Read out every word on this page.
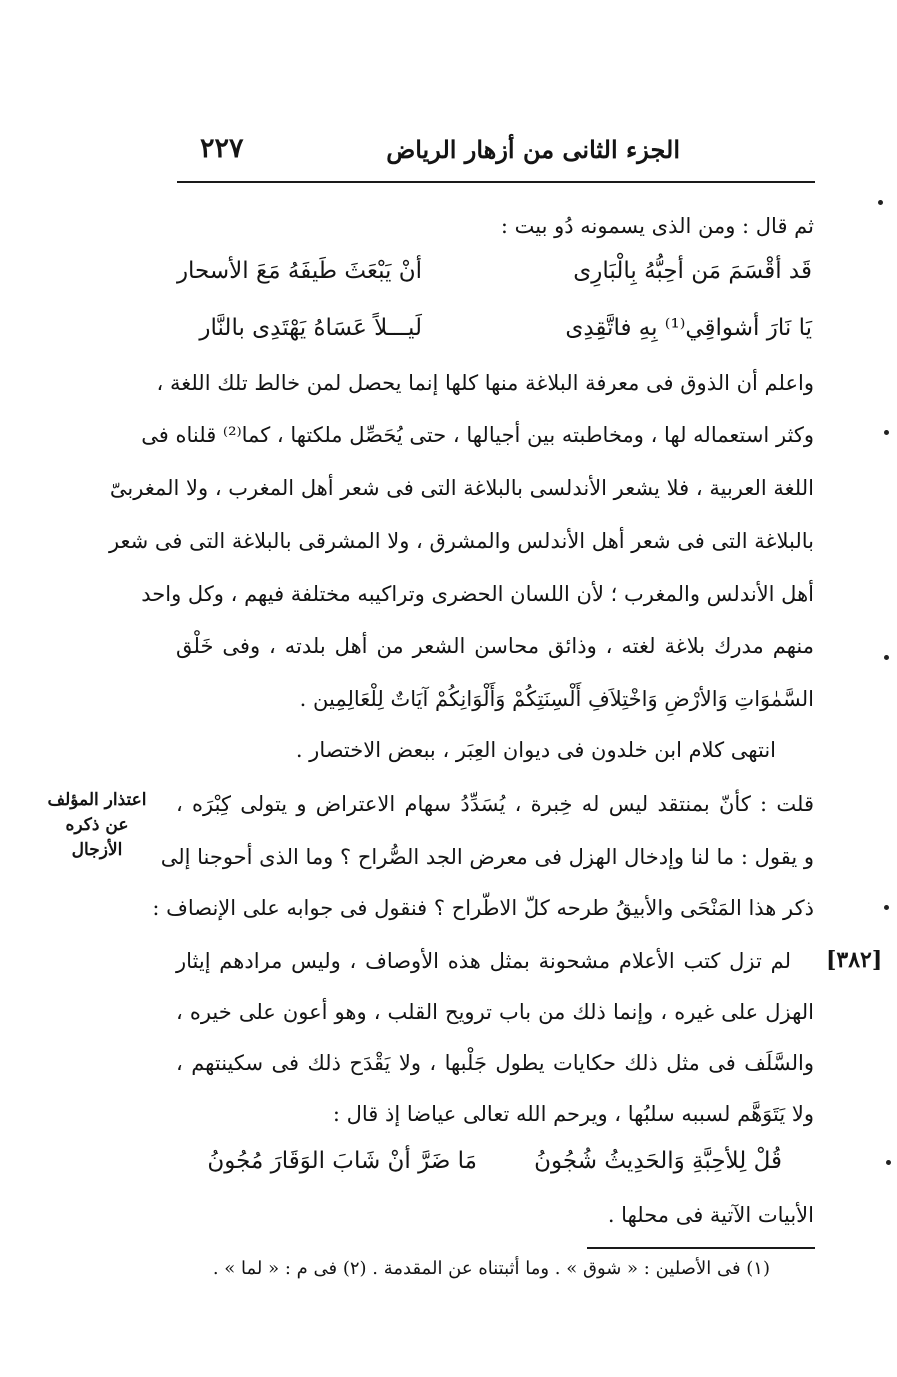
الجزء الثانى من أزهار الرياض
٢٢٧
ثم قال : ومن الذى يسمونه دُو بيت :
قَد أقْسَمَ مَن أحِبُّهُ بِالْبَارِى
أنْ يَبْعَثَ طَيفَهُ مَعَ الأسحار
يَا نَارَ أشواقِي⁽¹⁾ بِهِ فاتَّقِدِى
لَيـــلاً عَسَاهُ يَهْتَدِى بالنَّار
واعلم أن الذوق فى معرفة البلاغة منها كلها إنما يحصل لمن خالط تلك اللغة ،
وكثر استعماله لها ، ومخاطبته بين أجيالها ، حتى يُحَصِّل ملكتها ، كما⁽²⁾ قلناه فى
اللغة العربية ، فلا يشعر الأندلسى بالبلاغة التى فى شعر أهل المغرب ، ولا المغربىّ
بالبلاغة التى فى شعر أهل الأندلس والمشرق ، ولا المشرقى بالبلاغة التى فى شعر
أهل الأندلس والمغرب ؛ لأن اللسان الحضرى وتراكيبه مختلفة فيهم ، وكل واحد
منهم مدرك بلاغة لغته ، وذائق محاسن الشعر من أهل بلدته ، وفى خَلْق
السَّمٰوَاتِ وَالأرْضِ وَاخْتِلاَفِ أَلْسِنَتِكُمْ وَأَلْوَانِكُمْ آيَاتٌ لِلْعَالِمِين .
انتهى كلام ابن خلدون فى ديوان العِبَر ، ببعض الاختصار .
قلت : كأنّ بمنتقد ليس له خِبرة ، يُسَدِّدُ سهام الاعتراض و يتولى كِبْرَه ،
و يقول : ما لنا وإدخال الهزل فى معرض الجد الصُّراح ؟ وما الذى أحوجنا إلى
ذكر هذا المَنْحَى والأبيقُ طرحه كلّ الاطّراح ؟ فنقول فى جوابه على الإنصاف :
لم تزل كتب الأعلام مشحونة بمثل هذه الأوصاف ، وليس مرادهم إيثار
الهزل على غيره ، وإنما ذلك من باب ترويح القلب ، وهو أعون على خيره ،
والسَّلَف فى مثل ذلك حكايات يطول جَلْبها ، ولا يَقْدَح ذلك فى سكينتهم ،
ولا يَتَوَهَّم لسببه سلبُها ، ويرحم الله تعالى عياضا إذ قال :
قُلْ لِلأحِبَّةِ وَالحَدِيثُ شُجُونُ
مَا ضَرَّ أنْ شَابَ الوَقَارَ مُجُونُ
الأبيات الآتية فى محلها .
اعتذار المؤلف
عن ذكره
الأزجال
[٣٨٢]
(١) فى الأصلين : « شوق » . وما أثبتناه عن المقدمة . (٢) فى م : « لما » .
